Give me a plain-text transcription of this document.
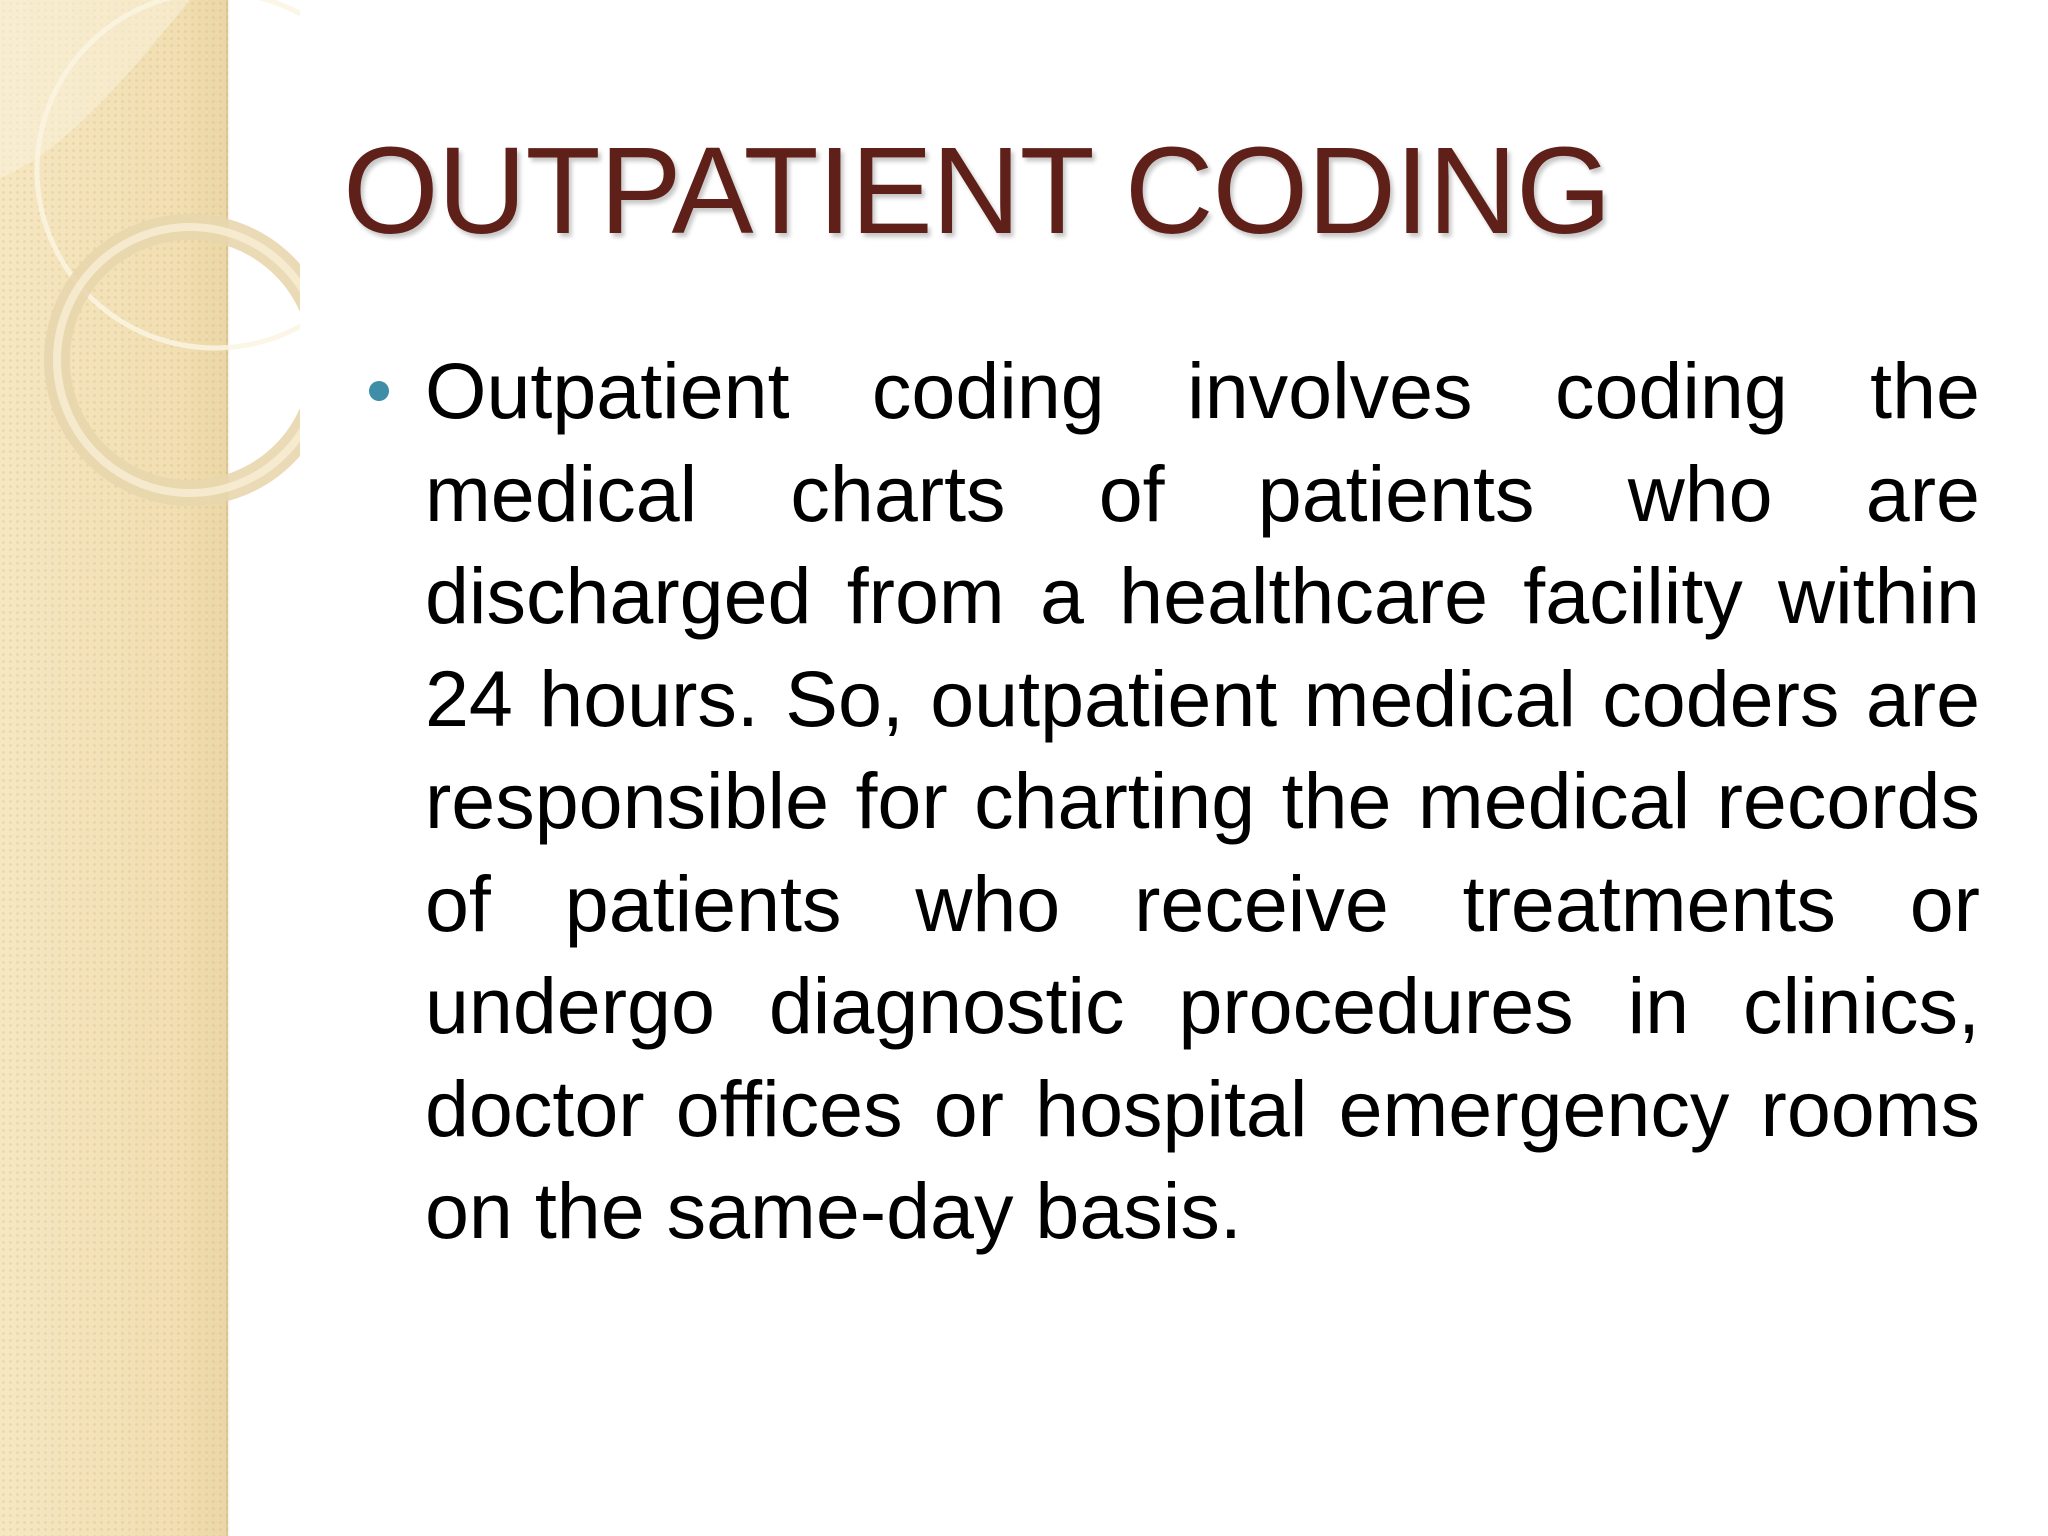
OUTPATIENT CODING

Outpatient coding involves coding the medical charts of patients who are discharged from a healthcare facility within 24 hours. So, outpatient medical coders are responsible for charting the medical records of patients who receive treatments or undergo diagnostic procedures in clinics, doctor offices or hospital emergency rooms on the same-day basis.
